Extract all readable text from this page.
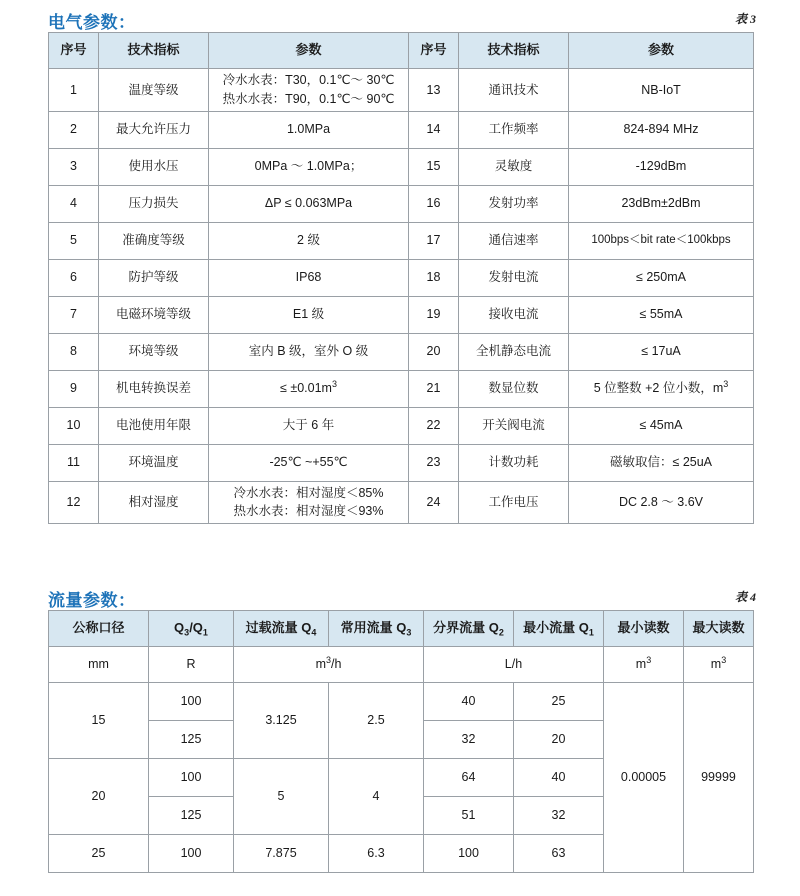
电气参数：	表 3
序号	技术指标	参数	序号	技术指标	参数
1	温度等级	冷水水表：T30，0.1℃～ 30℃
热水水表：T90，0.1℃～ 90℃	13	通讯技术	NB-IoT
2	最大允许压力	1.0MPa	14	工作频率	824-894 MHz
3	使用水压	0MPa ～ 1.0MPa；	15	灵敏度	-129dBm
4	压力损失	ΔP ≤ 0.063MPa	16	发射功率	23dBm±2dBm
5	准确度等级	2 级	17	通信速率	100bps＜bit rate＜100kbps
6	防护等级	IP68	18	发射电流	≤ 250mA
7	电磁环境等级	E1 级	19	接收电流	≤ 55mA
8	环境等级	室内 B 级，室外 O 级	20	全机静态电流	≤ 17uA
9	机电转换误差	≤ $\pm 0.01m^3$	21	数显位数	5 位整数 +2 位小数，$m^3$
10	电池使用年限	大于 6 年	22	开关阀电流	≤ 45mA
11	环境温度	-25℃ ~+55℃	23	计数功耗	磁敏取信：≤ 25uA
12	相对湿度	冷水水表：相对湿度＜85%
热水水表：相对湿度＜93%	24	工作电压	DC 2.8 ～ 3.6V
流量参数：	表 4
公称口径	$Q_3/Q_1$	过载流量 $Q_4$	常用流量 $Q_3$	分界流量 $Q_2$	最小流量 $Q_1$	最小读数	最大读数
mm	R	$m^3/h$		L/h		$m^3$	$m^3$
15	100	3.125	2.5	40	25	0.00005	99999
	125			32	20		
20	100	5	4	64	40		
	125			51	32		
25	100	7.875	6.3	100	63		
